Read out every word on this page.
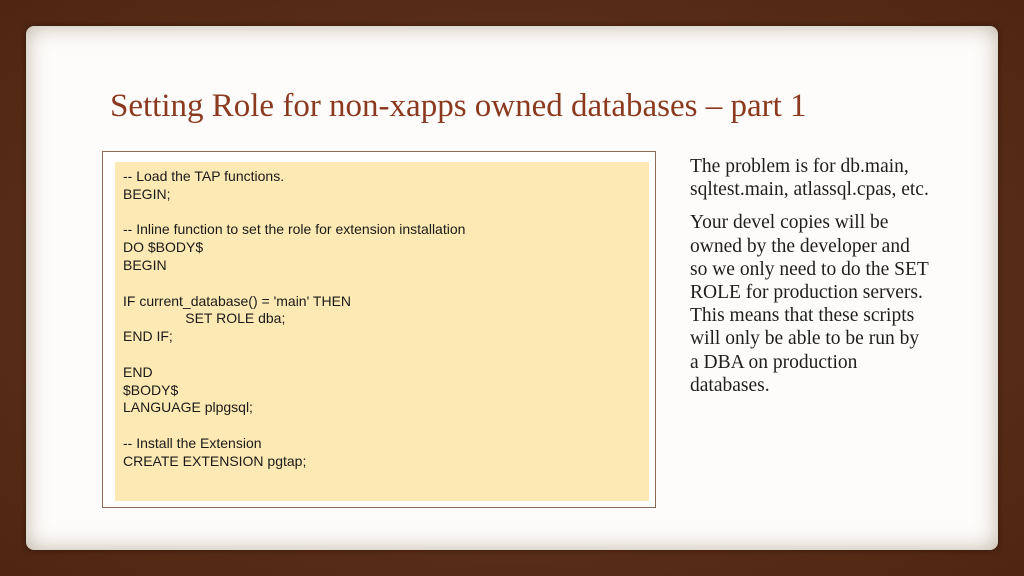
Setting Role for non-xapps owned databases – part 1
-- Load the TAP functions.
BEGIN;
-- Inline function to set the role for extension installation
DO $BODY$
BEGIN
IF current_database() = 'main' THEN
SET ROLE dba;
END IF;
END
$BODY$
LANGUAGE plpgsql;
-- Install the Extension
CREATE EXTENSION pgtap;

The problem is for db.main, sqltest.main, atlassql.cpas, etc.

Your devel copies will be owned by the developer and so we only need to do the SET ROLE for production servers. This means that these scripts will only be able to be run by a DBA on production databases.
